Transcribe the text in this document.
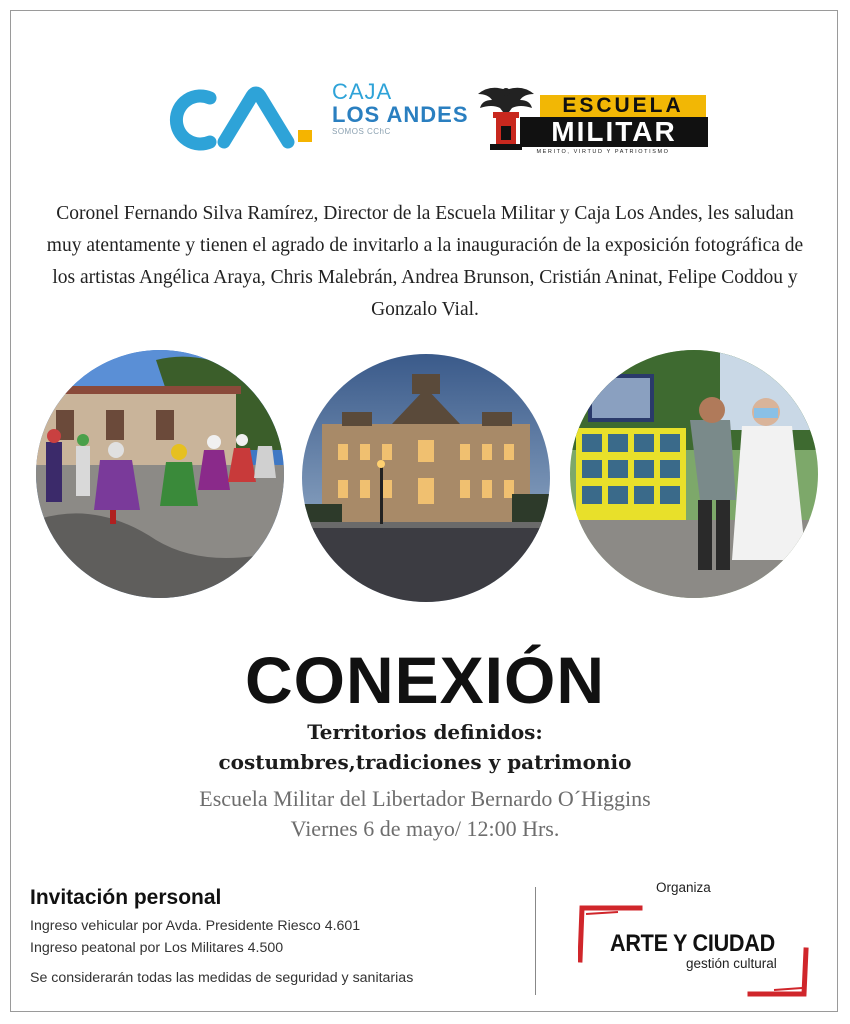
CAJA
LOS ANDES
SOMOS CChC
ESCUELA
MILITAR
MERITO, VIRTUD Y PATRIOTISMO
Coronel Fernando Silva Ramírez, Director de la Escuela Militar y Caja Los Andes, les saludan muy atentamente y tienen el agrado de invitarlo a la inauguración de la exposición fotográfica de los artistas Angélica Araya, Chris Malebrán, Andrea Brunson, Cristián Aninat, Felipe Coddou y Gonzalo Vial.
CONEXIÓN
Territorios definidos:
costumbres,tradiciones y patrimonio
Escuela Militar del Libertador Bernardo O´Higgins
Viernes 6 de mayo/ 12:00 Hrs.
Invitación personal
Ingreso vehicular por Avda. Presidente Riesco 4.601
Ingreso peatonal por Los Militares 4.500
Se considerarán todas las medidas de seguridad y sanitarias
Organiza
ARTE Y CIUDAD
gestión cultural
